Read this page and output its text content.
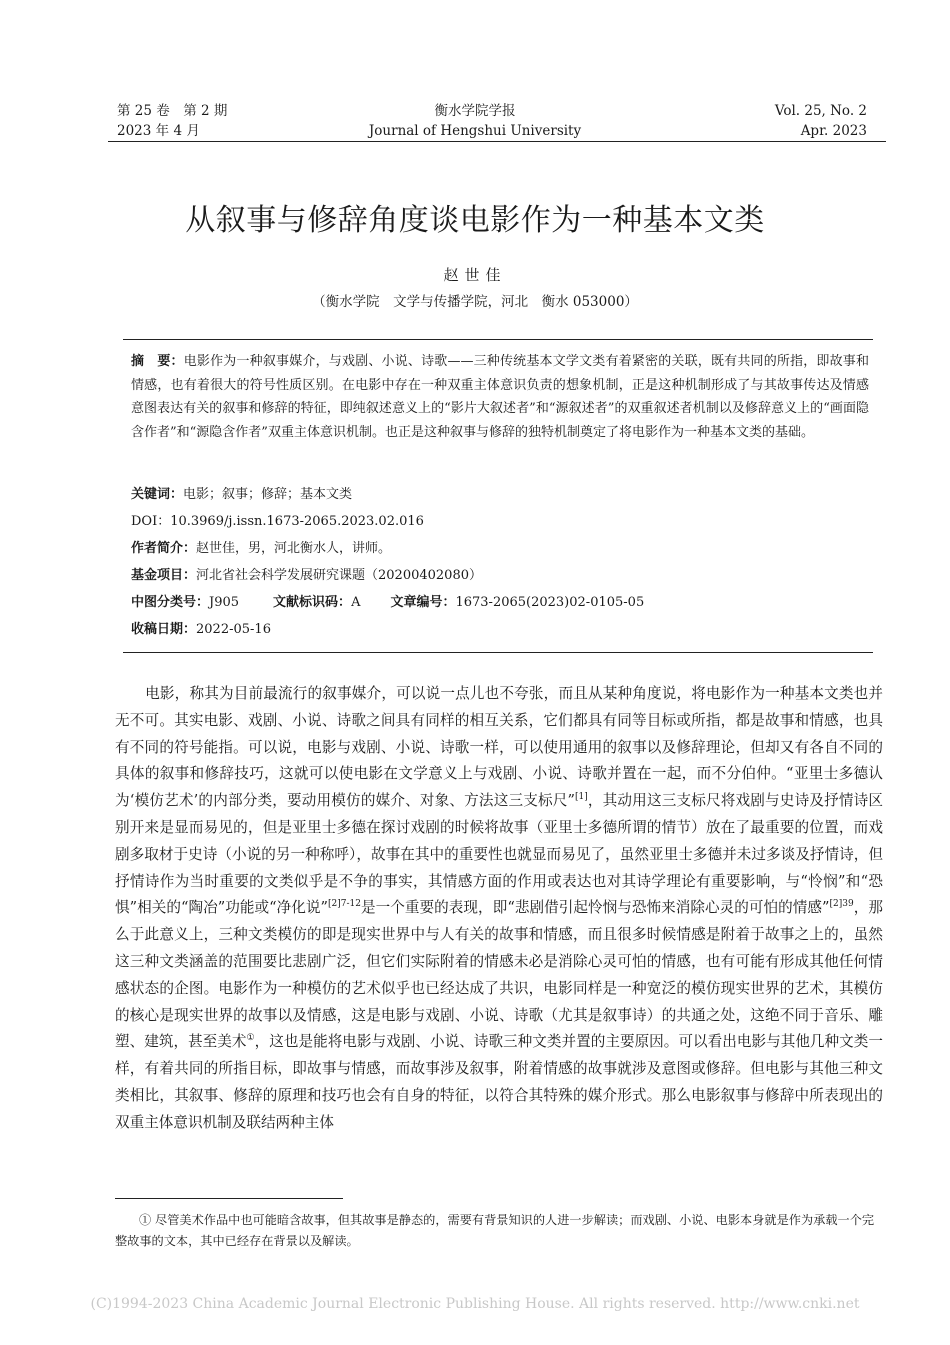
第 25 卷　第 2 期
2023 年 4 月
衡水学院学报
Journal of Hengshui University
Vol. 25, No. 2
Apr. 2023
从叙事与修辞角度谈电影作为一种基本文类
赵世佳
（衡水学院　文学与传播学院，河北　衡水 053000）

摘　要：电影作为一种叙事媒介，与戏剧、小说、诗歌——三种传统基本文学文类有着紧密的关联，既有共同的所指，即故事和情感，也有着很大的符号性质区别。在电影中存在一种双重主体意识负责的想象机制，正是这种机制形成了与其故事传达及情感意图表达有关的叙事和修辞的特征，即纯叙述意义上的“影片大叙述者”和“源叙述者”的双重叙述者机制以及修辞意义上的“画面隐含作者”和“源隐含作者”双重主体意识机制。也正是这种叙事与修辞的独特机制奠定了将电影作为一种基本文类的基础。

关键词：电影；叙事；修辞；基本文类
DOI：10.3969/j.issn.1673-2065.2023.02.016
作者简介：赵世佳，男，河北衡水人，讲师。
基金项目：河北省社会科学发展研究课题（20200402080）
中图分类号：J905	文献标识码：A 文章编号：1673-2065(2023)02-0105-05
收稿日期：2022-05-16

电影，称其为目前最流行的叙事媒介，可以说一点儿也不夸张，而且从某种角度说，将电影作为一种基本文类也并无不可。其实电影、戏剧、小说、诗歌之间具有同样的相互关系，它们都具有同等目标或所指，都是故事和情感，也具有不同的符号能指。可以说，电影与戏剧、小说、诗歌一样，可以使用通用的叙事以及修辞理论，但却又有各自不同的具体的叙事和修辞技巧，这就可以使电影在文学意义上与戏剧、小说、诗歌并置在一起，而不分伯仲。“亚里士多德认为‘模仿艺术’的内部分类，要动用模仿的媒介、对象、方法这三支标尺”[1]，其动用这三支标尺将戏剧与史诗及抒情诗区别开来是显而易见的，但是亚里士多德在探讨戏剧的时候将故事（亚里士多德所谓的情节）放在了最重要的位置，而戏剧多取材于史诗（小说的另一种称呼），故事在其中的重要性也就显而易见了，虽然亚里士多德并未过多谈及抒情诗，但抒情诗作为当时重要的文类似乎是不争的事实，其情感方面的作用或表达也对其诗学理论有重要影响，与“怜悯”和“恐惧”相关的“陶冶”功能或“净化说”$^{[2]7-12}$是一个重要的表现，即“悲剧借引起怜悯与恐怖来消除心灵的可怕的情感”$^{[2]39}$，那么于此意义上，三种文类模仿的即是现实世界中与人有关的故事和情感，而且很多时候情感是附着于故事之上的，虽然这三种文类涵盖的范围要比悲剧广泛，但它们实际附着的情感未必是消除心灵可怕的情感，也有可能有形成其他任何情感状态的企图。电影作为一种模仿的艺术似乎也已经达成了共识，电影同样是一种宽泛的模仿现实世界的艺术，其模仿的核心是现实世界的故事以及情感，这是电影与戏剧、小说、诗歌（尤其是叙事诗）的共通之处，这绝不同于音乐、雕塑、建筑，甚至美术①，这也是能将电影与戏剧、小说、诗歌三种文类并置的主要原因。可以看出电影与其他几种文类一样，有着共同的所指目标，即故事与情感，而故事涉及叙事，附着情感的故事就涉及意图或修辞。但电影与其他三种文类相比，其叙事、修辞的原理和技巧也会有自身的特征，以符合其特殊的媒介形式。那么电影叙事与修辞中所表现出的双重主体意识机制及联结两种主体

① 尽管美术作品中也可能暗含故事，但其故事是静态的，需要有背景知识的人进一步解读；而戏剧、小说、电影本身就是作为承载一个完整故事的文本，其中已经存在背景以及解读。

(C)1994-2023 China Academic Journal Electronic Publishing House. All rights reserved. http://www.cnki.net
